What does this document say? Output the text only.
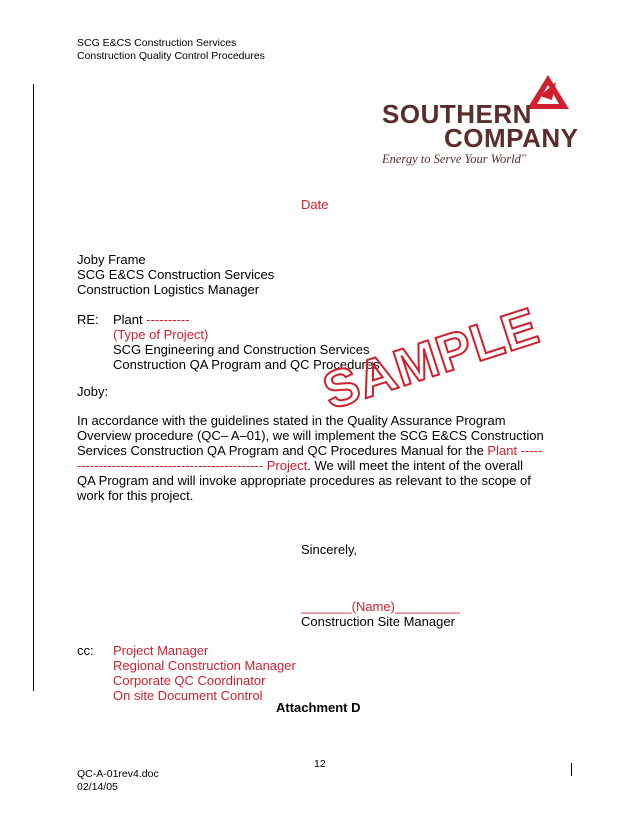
SCG E&CS Construction Services
Construction Quality Control Procedures
SOUTHERN
COMPANY
Energy to Serve Your World™
Date
Joby Frame
SCG E&CS Construction Services
Construction Logistics Manager
RE: Plant ----------
(Type of Project)
SCG Engineering and Construction Services
Construction QA Program and QC Procedures
Joby:
In accordance with the guidelines stated in the Quality Assurance Program
Overview procedure (QC– A–01), we will implement the SCG E&CS Construction
Services Construction QA Program and QC Procedures Manual for the Plant -----
------------------------------------------- Project. We will meet the intent of the overall
QA Program and will invoke appropriate procedures as relevant to the scope of
work for this project.
SAMPLE
Sincerely,
_______(Name)_________
Construction Site Manager
cc: Project Manager
Regional Construction Manager
Corporate QC Coordinator
On site Document Control
Attachment D
12
QC-A-01rev4.doc
02/14/05
